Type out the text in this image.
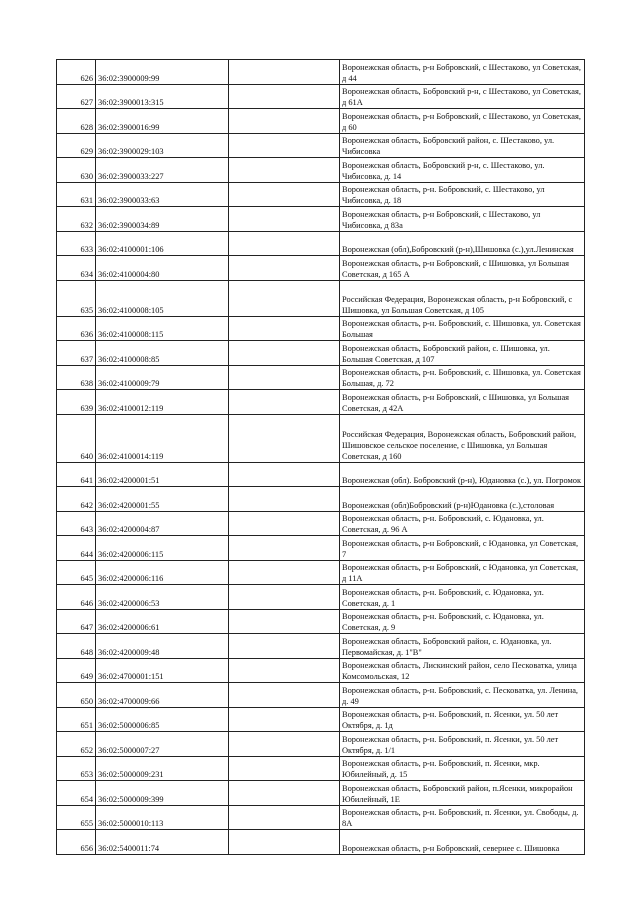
626	36:02:3900009:99		Воронежская область, р-н Бобровский, с Шестаково, ул Советская, д 44
627	36:02:3900013:315		Воронежская область, Бобровский р-н, с Шестаково, ул Советская, д 61А
628	36:02:3900016:99		Воронежская область, р-н Бобровский, с Шестаково, ул Советская, д 60
629	36:02:3900029:103		Воронежская область, Бобровский район, с. Шестаково, ул. Чибисовка
630	36:02:3900033:227		Воронежская область, Бобровский р-н, с. Шестаково, ул. Чибисовка, д. 14
631	36:02:3900033:63		Воронежская область, р-н. Бобровский, с. Шестаково, ул Чибисовка, д. 18
632	36:02:3900034:89		Воронежская область, р-н Бобровский, с Шестаково, ул Чибисовка, д 83а
633	36:02:4100001:106		Воронежская (обл),Бобровский (р-н),Шишовка (с.),ул.Ленинская
634	36:02:4100004:80		Воронежская область, р-н Бобровский, с Шишовка, ул Большая Советская, д 165 А
635	36:02:4100008:105		Российская Федерация, Воронежская область, р-н Бобровский, с Шишовка, ул Большая Советская, д 105
636	36:02:4100008:115		Воронежская область, р-н. Бобровский, с. Шишовка, ул. Советская Большая
637	36:02:4100008:85		Воронежская область, Бобровский район, с. Шишовка, ул. Большая Советская, д 107
638	36:02:4100009:79		Воронежская область, р-н. Бобровский, с. Шишовка, ул. Советская Большая, д. 72
639	36:02:4100012:119		Воронежская область, р-н Бобровский, с Шишовка, ул Большая Советская, д 42А
640	36:02:4100014:119		Российская Федерация, Воронежская область, Бобровский район, Шишовское сельское поселение, с Шишовка, ул Большая Советская, д 160
641	36:02:4200001:51		Воронежская (обл). Бобровский (р-н), Юдановка (с.), ул. Погромок
642	36:02:4200001:55		Воронежская (обл)Бобровский (р-н)Юдановка (с.),столовая
643	36:02:4200004:87		Воронежская область, р-н. Бобровский, с. Юдановка, ул. Советская, д. 96 А
644	36:02:4200006:115		Воронежская область, р-н Бобровский, с Юдановка, ул Советская, 7
645	36:02:4200006:116		Воронежская область, р-н Бобровский, с Юдановка, ул Советская, д 11А
646	36:02:4200006:53		Воронежская область, р-н. Бобровский, с. Юдановка, ул. Советская, д. 1
647	36:02:4200006:61		Воронежская область, р-н. Бобровский, с. Юдановка, ул. Советская, д. 9
648	36:02:4200009:48		Воронежская область, Бобровский район, с. Юдановка, ул. Первомайская, д. 1"В"
649	36:02:4700001:151		Воронежская область, Лискинский район, село Песковатка, улица Комсомольская, 12
650	36:02:4700009:66		Воронежская область, р-н. Бобровский, с. Песковатка, ул. Ленина, д. 49
651	36:02:5000006:85		Воронежская область, р-н. Бобровский, п. Ясенки, ул. 50 лет Октября, д. 1д
652	36:02:5000007:27		Воронежская область, р-н. Бобровский, п. Ясенки, ул. 50 лет Октября, д. 1/1
653	36:02:5000009:231		Воронежская область, р-н. Бобровский, п. Ясенки, мкр. Юбилейный, д. 15
654	36:02:5000009:399		Воронежская область, Бобровский район, п.Ясенки, микрорайон Юбилейный, 1Е
655	36:02:5000010:113		Воронежская область, р-н. Бобровский, п. Ясенки, ул. Свободы, д. 8А
656	36:02:5400011:74		Воронежская область, р-н Бобровский, севернее с. Шишовка
